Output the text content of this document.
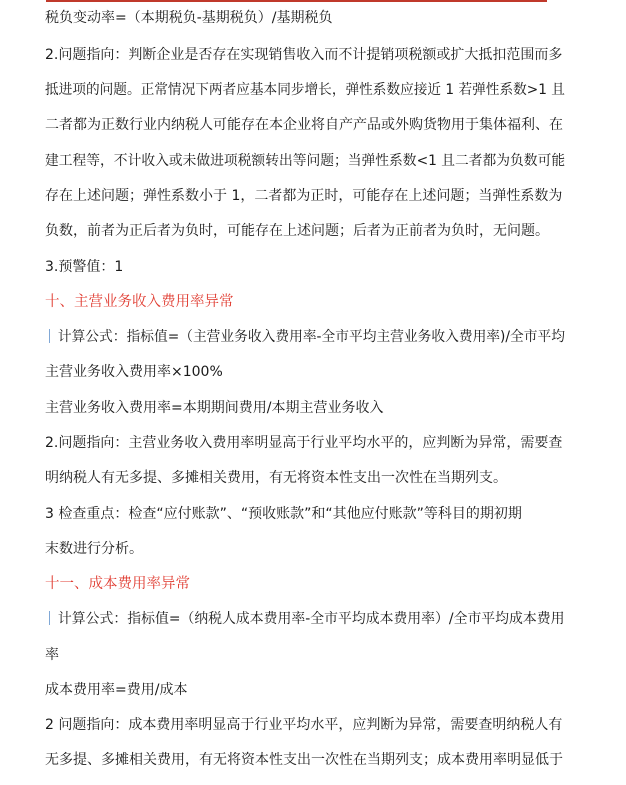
税负变动率=（本期税负-基期税负）/基期税负
2.问题指向：判断企业是否存在实现销售收入而不计提销项税额或扩大抵扣范围而多
抵进项的问题。正常情况下两者应基本同步增长，弹性系数应接近 1 若弹性系数>1 且
二者都为正数行业内纳税人可能存在本企业将自产产品或外购货物用于集体福利、在
建工程等，不计收入或未做进项税额转出等问题；当弹性系数<1 且二者都为负数可能
存在上述问题；弹性系数小于 1，二者都为正时，可能存在上述问题；当弹性系数为
负数，前者为正后者为负时，可能存在上述问题；后者为正前者为负时，无问题。
3.预警值：1
十、主营业务收入费用率异常
计算公式：指标值=（主营业务收入费用率-全市平均主营业务收入费用率)/全市平均
主营业务收入费用率×100%
主营业务收入费用率=本期期间费用/本期主营业务收入
2.问题指向：主营业务收入费用率明显高于行业平均水平的，应判断为异常，需要查
明纳税人有无多提、多摊相关费用，有无将资本性支出一次性在当期列支。
3 检查重点：检查“应付账款”、“预收账款”和“其他应付账款”等科目的期初期
末数进行分析。
十一、成本费用率异常
计算公式：指标值=（纳税人成本费用率-全市平均成本费用率）/全市平均成本费用
率
成本费用率=费用/成本
2 问题指向：成本费用率明显高于行业平均水平，应判断为异常，需要查明纳税人有
无多提、多摊相关费用，有无将资本性支出一次性在当期列支；成本费用率明显低于
